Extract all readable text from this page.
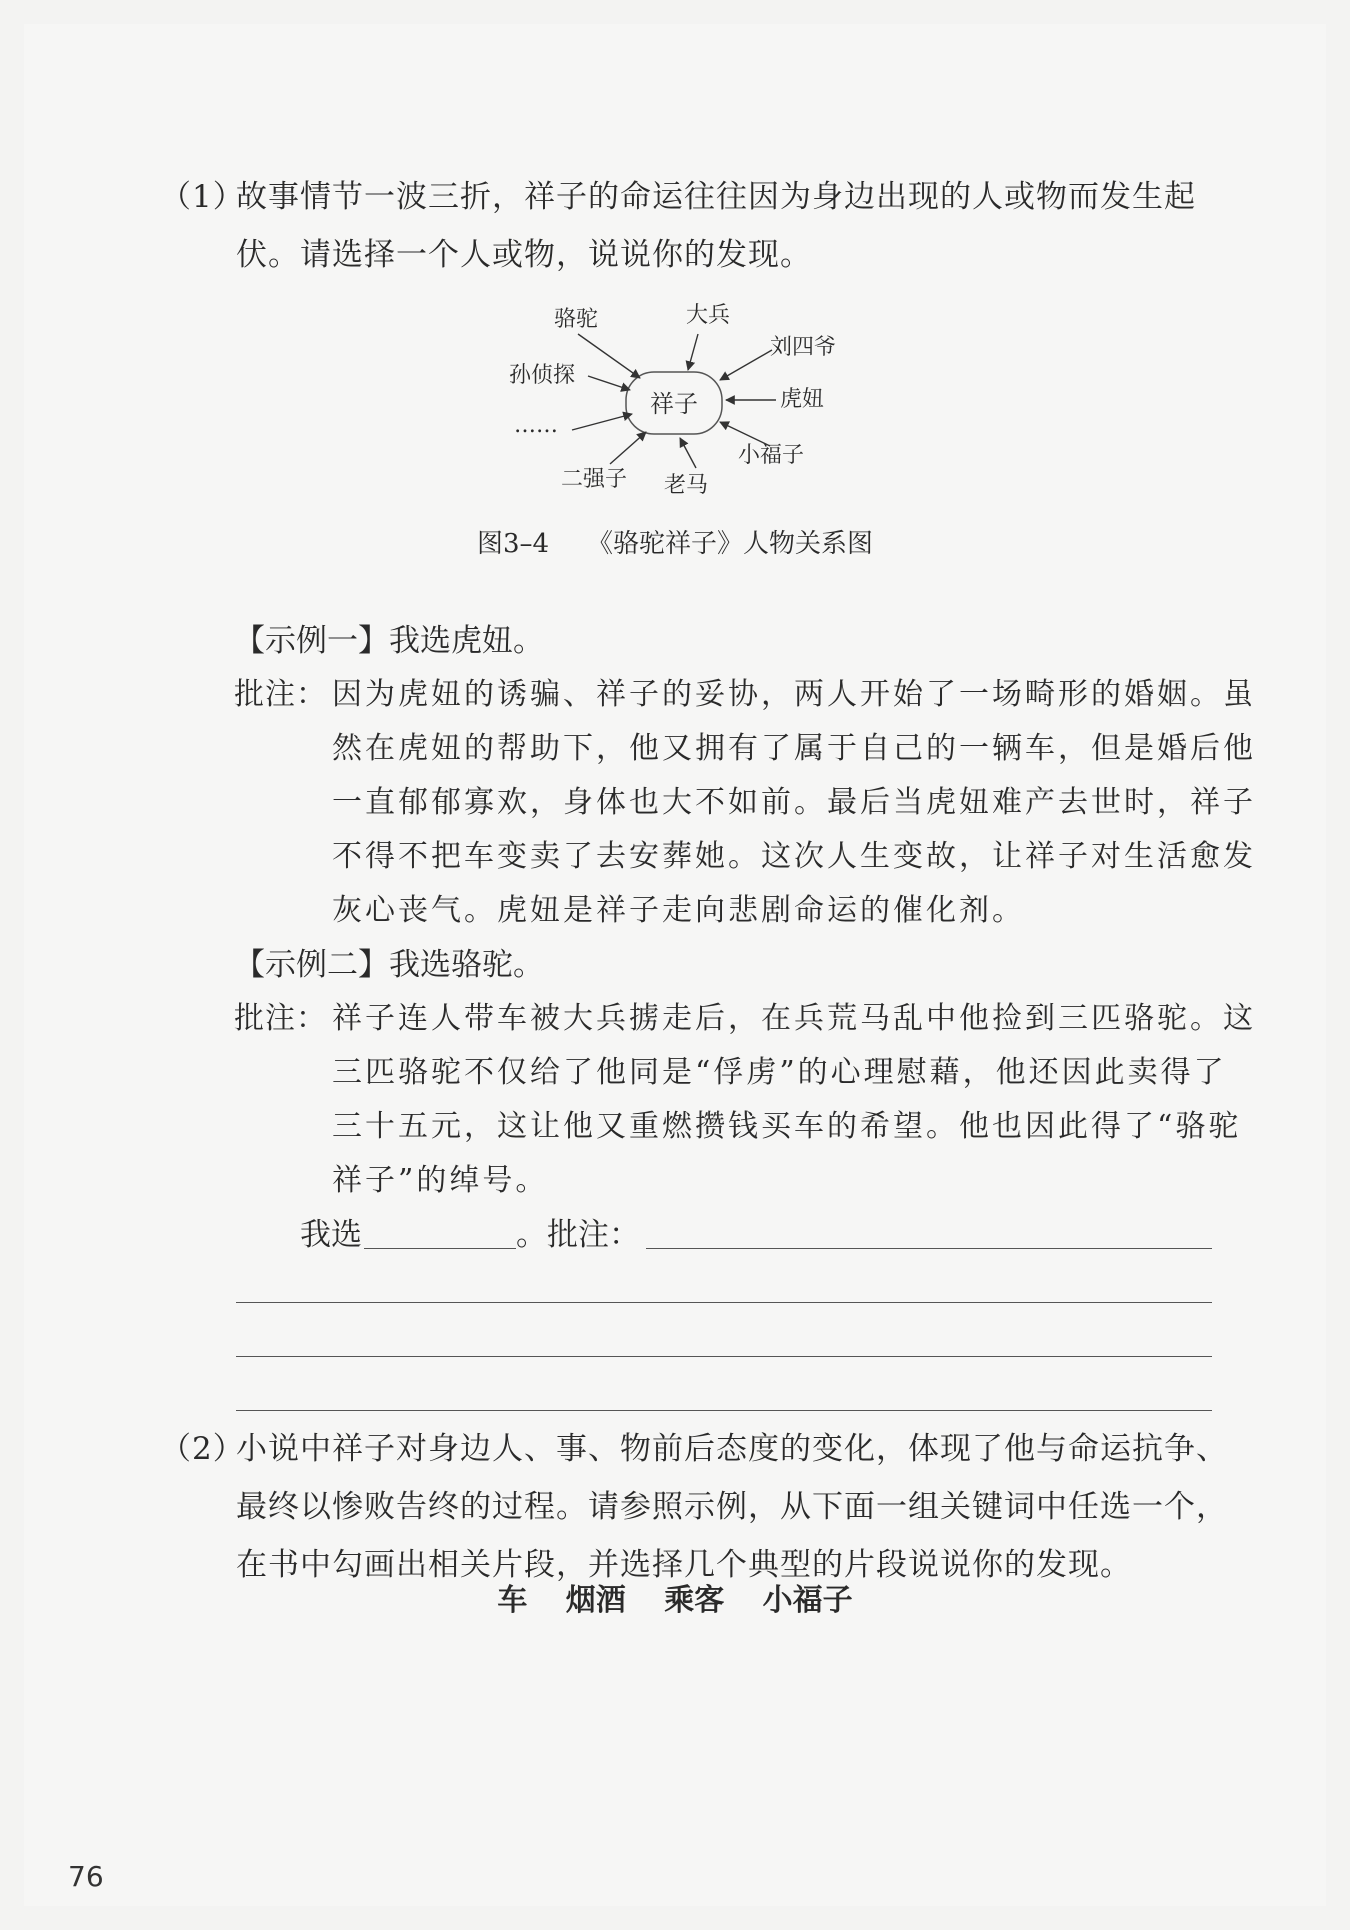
（1）
故事情节一波三折，祥子的命运往往因为身边出现的人或物而发生起
伏。请选择一个人或物，说说你的发现。
祥子
骆驼	大兵
刘四爷
孙侦探
虎妞
……
小福子
二强子 老马
图3–4 《骆驼祥子》人物关系图
【示例一】我选虎妞。
批注： 因为虎妞的诱骗、祥子的妥协，两人开始了一场畸形的婚姻。虽
然在虎妞的帮助下，他又拥有了属于自己的一辆车，但是婚后他
一直郁郁寡欢，身体也大不如前。最后当虎妞难产去世时，祥子
不得不把车变卖了去安葬她。这次人生变故，让祥子对生活愈发
灰心丧气。虎妞是祥子走向悲剧命运的催化剂。
【示例二】我选骆驼。
批注： 祥子连人带车被大兵掳走后，在兵荒马乱中他捡到三匹骆驼。这
三匹骆驼不仅给了他同是“俘虏”的心理慰藉，他还因此卖得了
三十五元，这让他又重燃攒钱买车的希望。他也因此得了“骆驼
祥子”的绰号。
我选	。批注：
（2）
小说中祥子对身边人、事、物前后态度的变化，体现了他与命运抗争、
最终以惨败告终的过程。请参照示例，从下面一组关键词中任选一个，
在书中勾画出相关片段，并选择几个典型的片段说说你的发现。
车 烟酒 乘客 小福子
76
